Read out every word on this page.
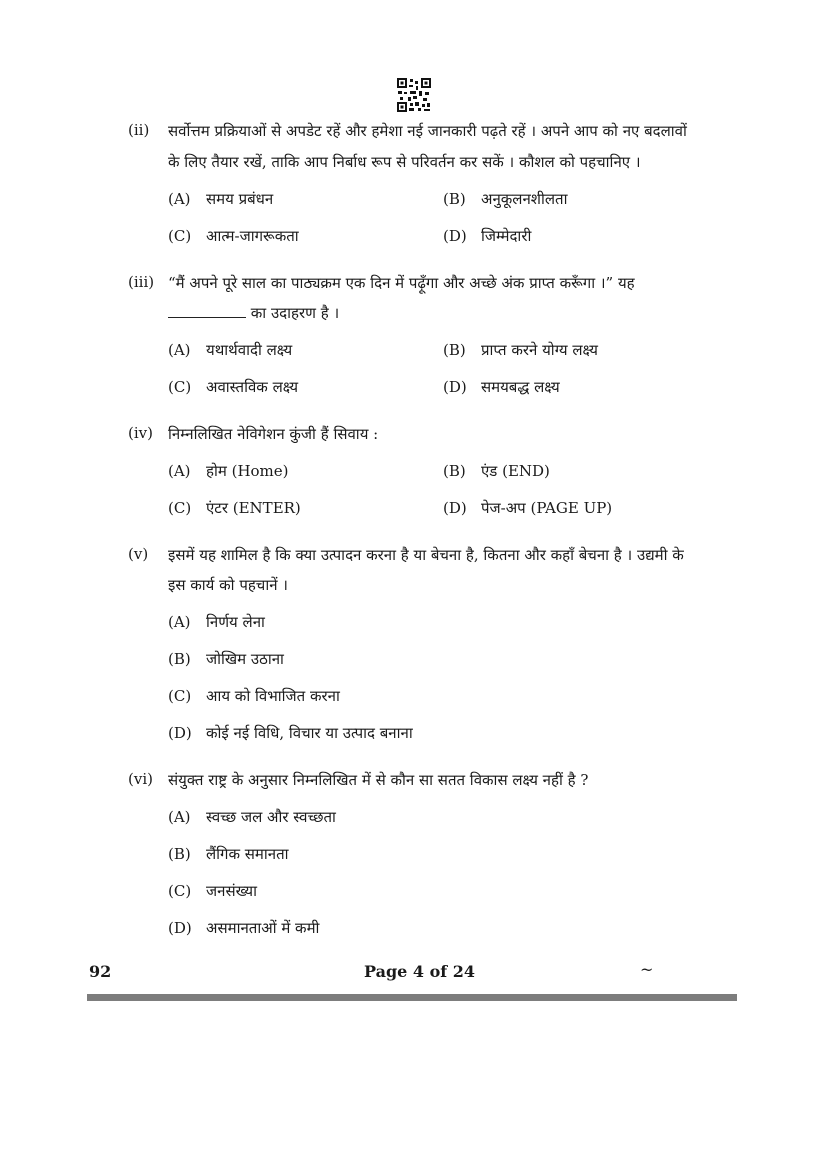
(ii) सर्वोत्तम प्रक्रियाओं से अपडेट रहें और हमेशा नई जानकारी पढ़ते रहें । अपने आप को नए बदलावों
के लिए तैयार रखें, ताकि आप निर्बाध रूप से परिवर्तन कर सकें । कौशल को पहचानिए ।
(A) समय प्रबंधन	(B) अनुकूलनशीलता
(C) आत्म-जागरूकता	(D) जिम्मेदारी
(iii) “मैं अपने पूरे साल का पाठ्यक्रम एक दिन में पढ़ूँगा और अच्छे अंक प्राप्त करूँगा ।” यह
का उदाहरण है ।
(A) यथार्थवादी लक्ष्य	(B) प्राप्त करने योग्य लक्ष्य
(C) अवास्तविक लक्ष्य	(D) समयबद्ध लक्ष्य
(iv) निम्नलिखित नेविगेशन कुंजी हैं सिवाय :
(A) होम (Home)	(B) एंड (END)
(C) एंटर (ENTER)	(D) पेज-अप (PAGE UP)
(v) इसमें यह शामिल है कि क्या उत्पादन करना है या बेचना है, कितना और कहाँ बेचना है । उद्यमी के
इस कार्य को पहचानें ।
(A) निर्णय लेना
(B) जोखिम उठाना
(C) आय को विभाजित करना
(D) कोई नई विधि, विचार या उत्पाद बनाना
(vi) संयुक्त राष्ट्र के अनुसार निम्नलिखित में से कौन सा सतत विकास लक्ष्य नहीं है ?
(A) स्वच्छ जल और स्वच्छता
(B) लैंगिक समानता
(C) जनसंख्या
(D) असमानताओं में कमी
92	Page 4 of 24	~
